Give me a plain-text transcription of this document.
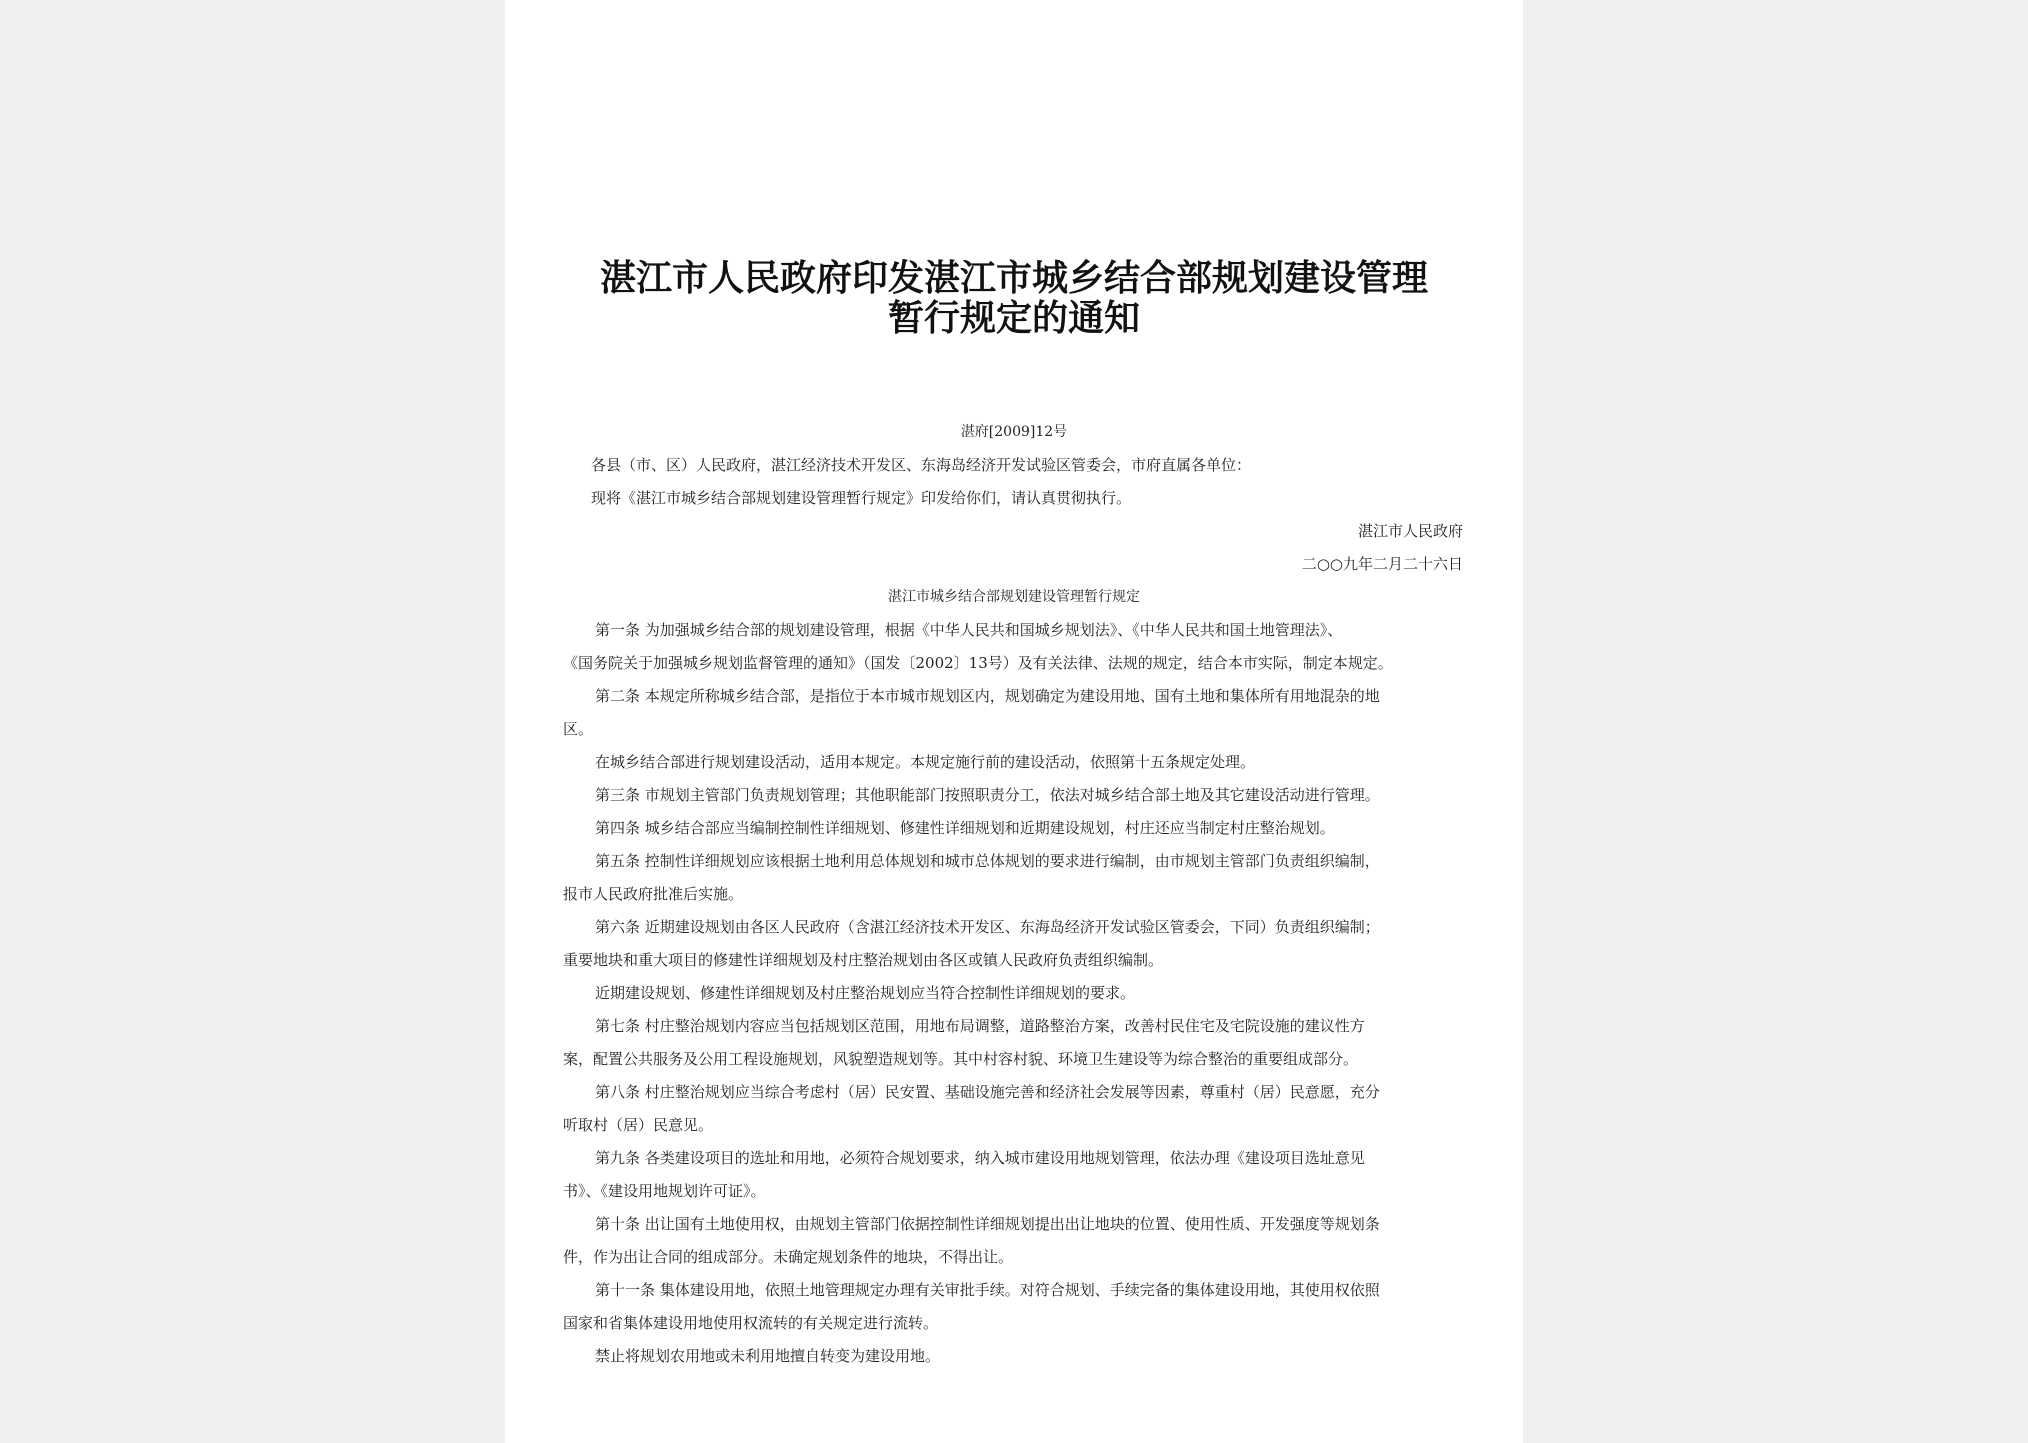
湛江市人民政府印发湛江市城乡结合部规划建设管理
暂行规定的通知
湛府[2009]12号
各县（市、区）人民政府，湛江经济技术开发区、东海岛经济开发试验区管委会，市府直属各单位：
现将《湛江市城乡结合部规划建设管理暂行规定》印发给你们，请认真贯彻执行。
湛江市人民政府
二○○九年二月二十六日
湛江市城乡结合部规划建设管理暂行规定
第一条 为加强城乡结合部的规划建设管理，根据《中华人民共和国城乡规划法》、《中华人民共和国土地管理法》、
《国务院关于加强城乡规划监督管理的通知》（国发〔2002〕13号）及有关法律、法规的规定，结合本市实际，制定本规定。
第二条 本规定所称城乡结合部，是指位于本市城市规划区内，规划确定为建设用地、国有土地和集体所有用地混杂的地
区。
在城乡结合部进行规划建设活动，适用本规定。本规定施行前的建设活动，依照第十五条规定处理。
第三条 市规划主管部门负责规划管理；其他职能部门按照职责分工，依法对城乡结合部土地及其它建设活动进行管理。
第四条 城乡结合部应当编制控制性详细规划、修建性详细规划和近期建设规划，村庄还应当制定村庄整治规划。
第五条 控制性详细规划应该根据土地利用总体规划和城市总体规划的要求进行编制，由市规划主管部门负责组织编制，
报市人民政府批准后实施。
第六条 近期建设规划由各区人民政府（含湛江经济技术开发区、东海岛经济开发试验区管委会，下同）负责组织编制；
重要地块和重大项目的修建性详细规划及村庄整治规划由各区或镇人民政府负责组织编制。
近期建设规划、修建性详细规划及村庄整治规划应当符合控制性详细规划的要求。
第七条 村庄整治规划内容应当包括规划区范围，用地布局调整，道路整治方案，改善村民住宅及宅院设施的建议性方
案，配置公共服务及公用工程设施规划，风貌塑造规划等。其中村容村貌、环境卫生建设等为综合整治的重要组成部分。
第八条 村庄整治规划应当综合考虑村（居）民安置、基础设施完善和经济社会发展等因素，尊重村（居）民意愿，充分
听取村（居）民意见。
第九条 各类建设项目的选址和用地，必须符合规划要求，纳入城市建设用地规划管理，依法办理《建设项目选址意见
书》、《建设用地规划许可证》。
第十条 出让国有土地使用权，由规划主管部门依据控制性详细规划提出出让地块的位置、使用性质、开发强度等规划条
件，作为出让合同的组成部分。未确定规划条件的地块，不得出让。
第十一条 集体建设用地，依照土地管理规定办理有关审批手续。对符合规划、手续完备的集体建设用地，其使用权依照
国家和省集体建设用地使用权流转的有关规定进行流转。
禁止将规划农用地或未利用地擅自转变为建设用地。
